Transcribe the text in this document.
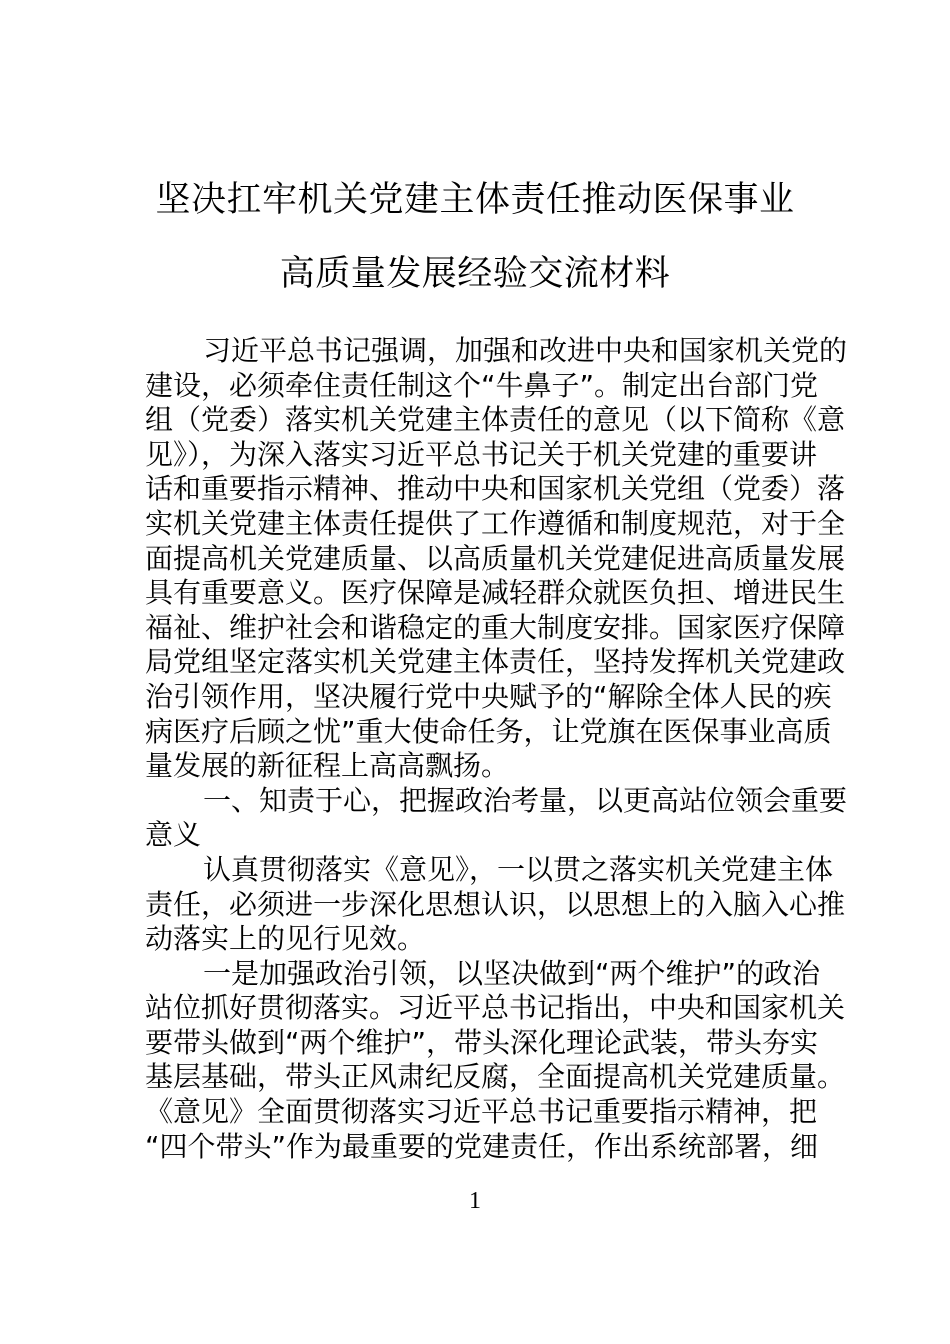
坚决扛牢机关党建主体责任推动医保事业
高质量发展经验交流材料
习近平总书记强调，加强和改进中央和国家机关党的
建设，必须牵住责任制这个“牛鼻子”。制定出台部门党
组（党委）落实机关党建主体责任的意见（以下简称《意
见》），为深入落实习近平总书记关于机关党建的重要讲
话和重要指示精神、推动中央和国家机关党组（党委）落
实机关党建主体责任提供了工作遵循和制度规范，对于全
面提高机关党建质量、以高质量机关党建促进高质量发展
具有重要意义。医疗保障是减轻群众就医负担、增进民生
福祉、维护社会和谐稳定的重大制度安排。国家医疗保障
局党组坚定落实机关党建主体责任，坚持发挥机关党建政
治引领作用，坚决履行党中央赋予的“解除全体人民的疾
病医疗后顾之忧”重大使命任务，让党旗在医保事业高质
量发展的新征程上高高飘扬。
一、知责于心，把握政治考量，以更高站位领会重要
意义
认真贯彻落实《意见》，一以贯之落实机关党建主体
责任，必须进一步深化思想认识，以思想上的入脑入心推
动落实上的见行见效。
一是加强政治引领，以坚决做到“两个维护”的政治
站位抓好贯彻落实。习近平总书记指出，中央和国家机关
要带头做到“两个维护”，带头深化理论武装，带头夯实
基层基础，带头正风肃纪反腐，全面提高机关党建质量。
《意见》全面贯彻落实习近平总书记重要指示精神，把
“四个带头”作为最重要的党建责任，作出系统部署，细
1
